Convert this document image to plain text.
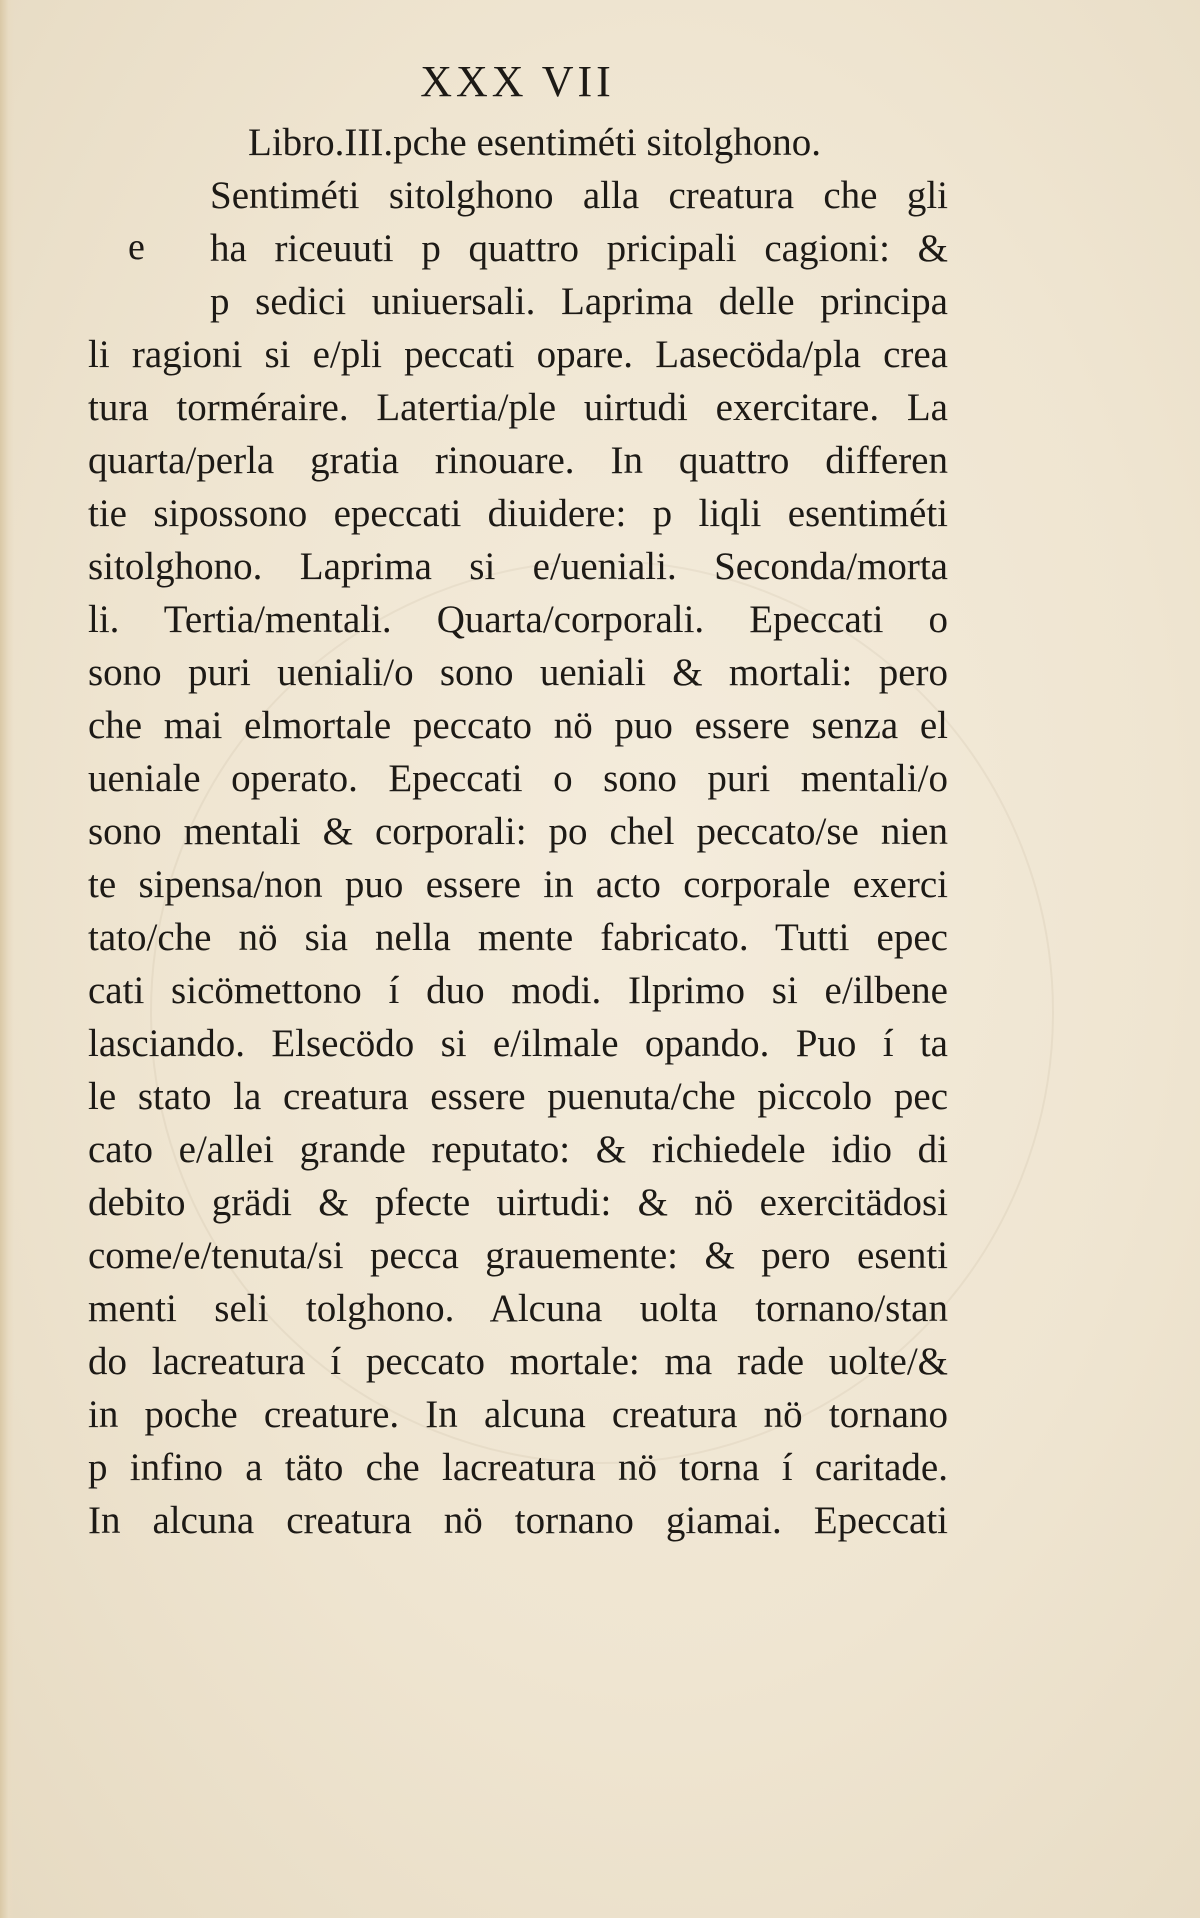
XXX VII
e
Libro.III.pche esentiméti sitolghono.
Sentiméti sitolghono alla creatura che gli
ha riceuuti p quattro pricipali cagioni: &
p sedici uniuersali. Laprima delle principa
li ragioni si e/pli peccati opare. Lasecöda/pla crea
tura torméraire. Latertia/ple uirtudi exercitare. La
quarta/perla gratia rinouare. In quattro differen
tie sipossono epeccati diuidere: p liqli esentiméti
sitolghono. Laprima si e/ueniali. Seconda/morta
li. Tertia/mentali. Quarta/corporali. Epeccati o
sono puri ueniali/o sono ueniali & mortali: pero
che mai elmortale peccato nö puo essere senza el
ueniale operato. Epeccati o sono puri mentali/o
sono mentali & corporali: po chel peccato/se nien
te sipensa/non puo essere in acto corporale exerci
tato/che nö sia nella mente fabricato. Tutti epec
cati sicömettono í duo modi. Ilprimo si e/ilbene
lasciando. Elsecödo si e/ilmale opando. Puo í ta
le stato la creatura essere puenuta/che piccolo pec
cato e/allei grande reputato: & richiedele idio di
debito grädi & pfecte uirtudi: & nö exercitädosi
come/e/tenuta/si pecca grauemente: & pero esenti
menti seli tolghono. Alcuna uolta tornano/stan
do lacreatura í peccato mortale: ma rade uolte/&
in poche creature. In alcuna creatura nö tornano
p infino a täto che lacreatura nö torna í caritade.
In alcuna creatura nö tornano giamai. Epeccati
